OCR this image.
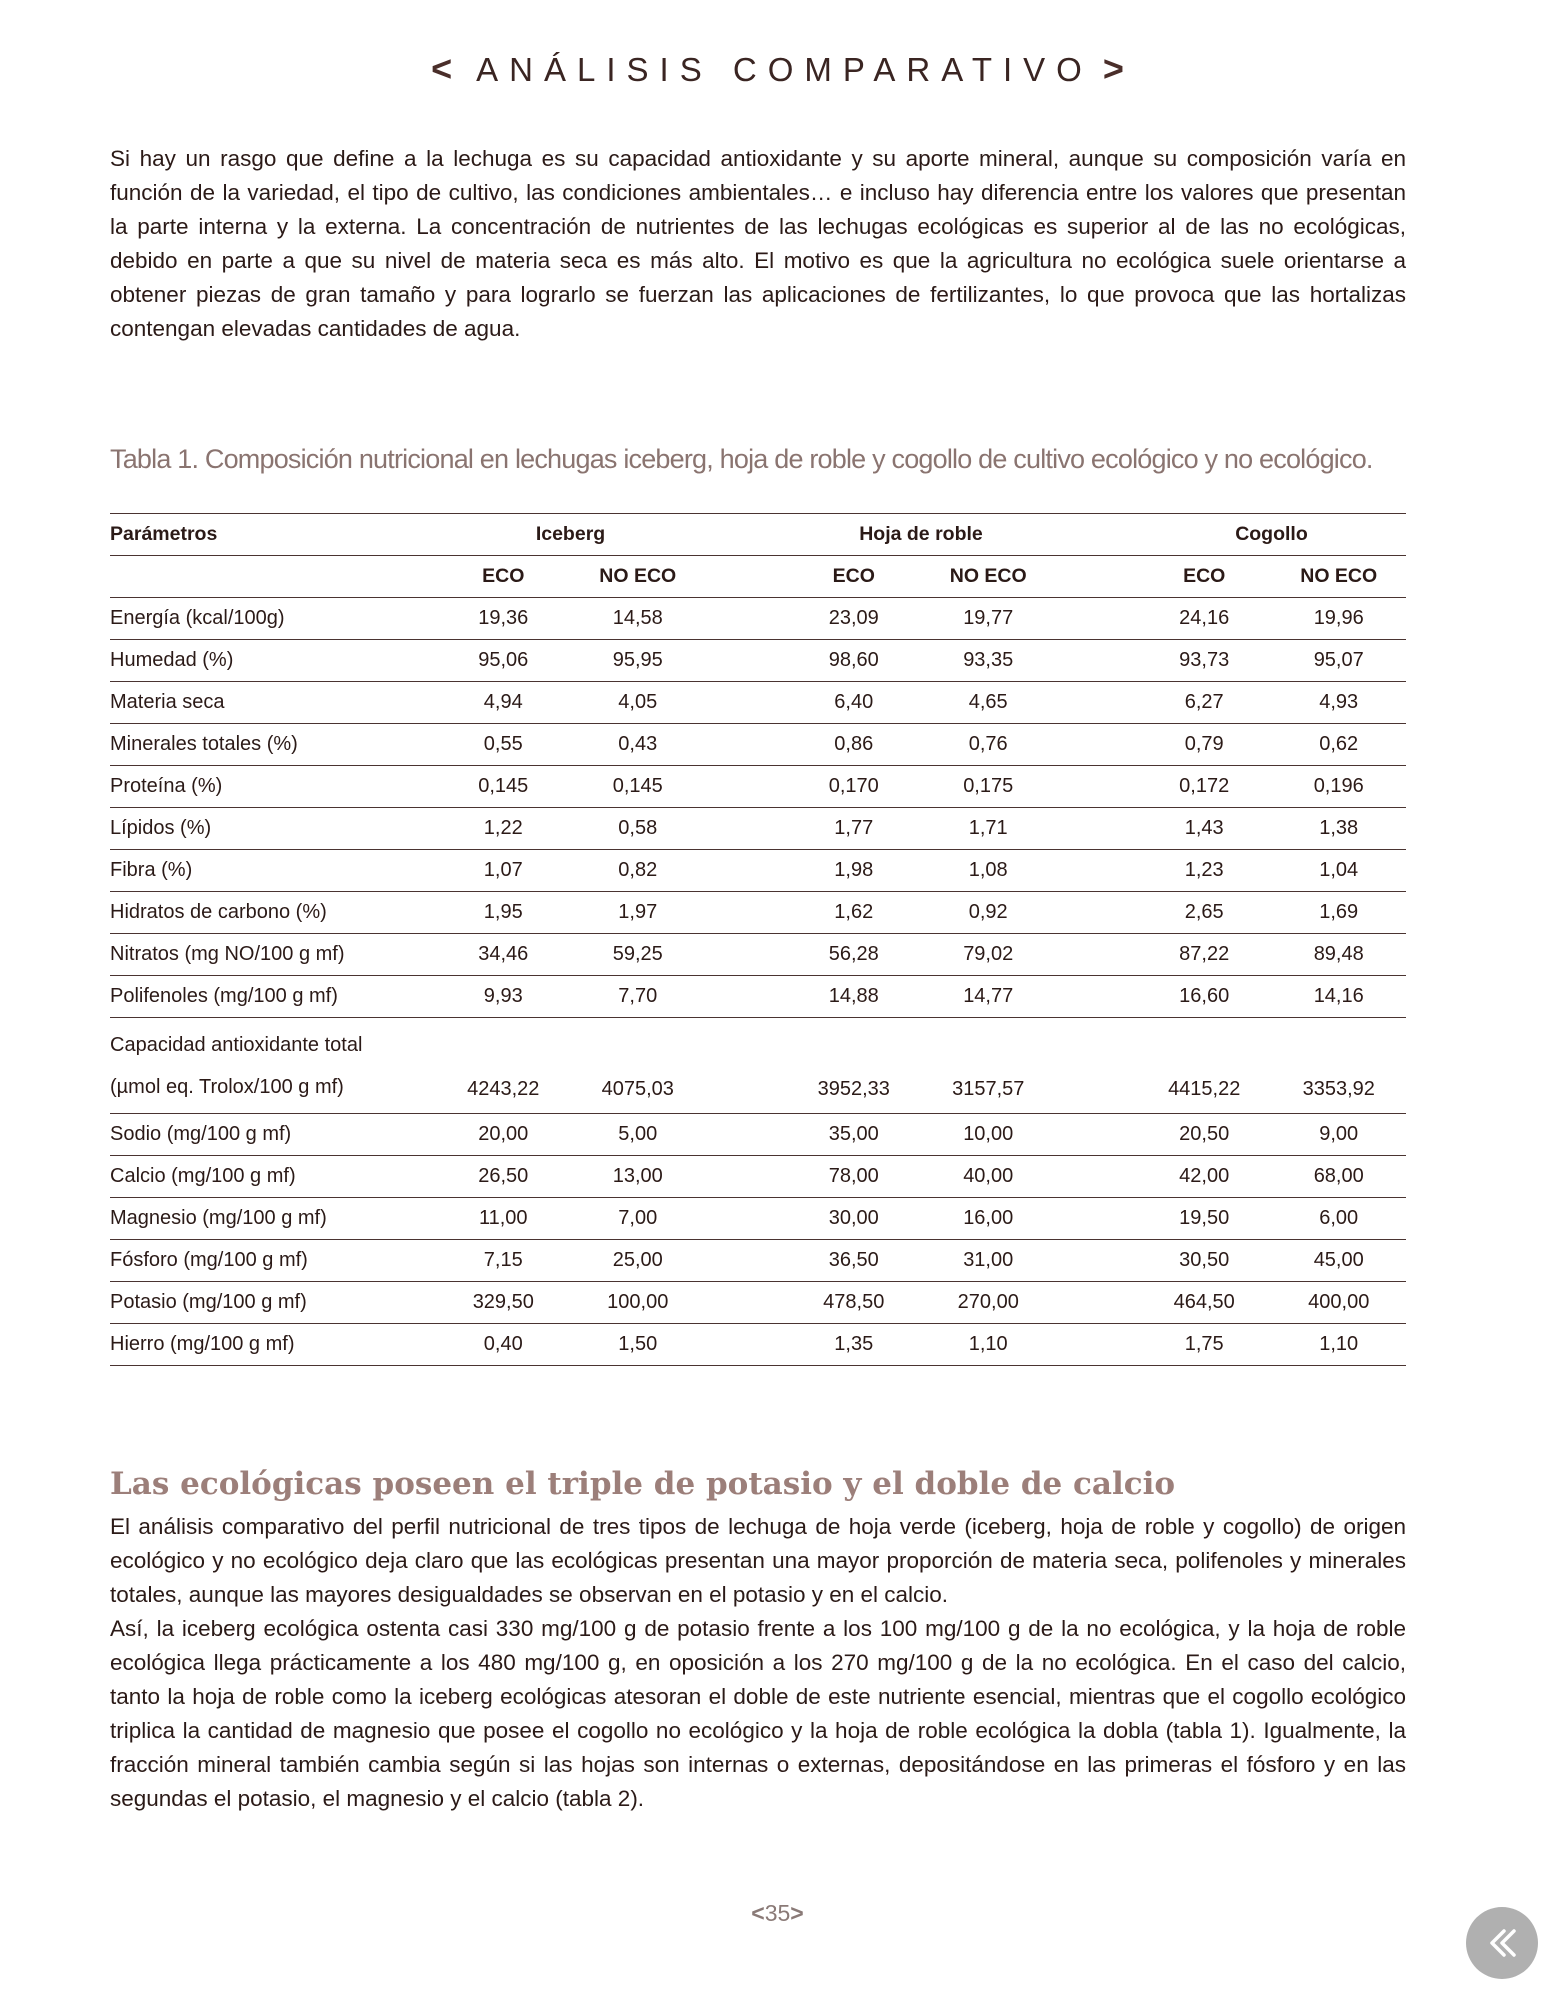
< ANÁLISIS COMPARATIVO >

Si hay un rasgo que define a la lechuga es su capacidad antioxidante y su aporte mineral, aunque su composición varía en función de la variedad, el tipo de cultivo, las condiciones ambientales… e incluso hay diferencia entre los valores que presentan la parte interna y la externa. La concentración de nutrientes de las lechugas ecológicas es superior al de las no ecológicas, debido en parte a que su nivel de materia seca es más alto. El motivo es que la agricultura no ecológica suele orientarse a obtener piezas de gran tamaño y para lograrlo se fuerzan las aplicaciones de fertilizantes, lo que provoca que las hortalizas contengan elevadas cantidades de agua.

Tabla 1. Composición nutricional en lechugas iceberg, hoja de roble y cogollo de cultivo ecológico y no ecológico.
Parámetros	Iceberg			Hoja de roble			Cogollo	
	ECO	NO ECO		ECO	NO ECO		ECO	NO ECO
Energía (kcal/100g)	19,36	14,58		23,09	19,77		24,16	19,96
Humedad (%)	95,06	95,95		98,60	93,35		93,73	95,07
Materia seca	4,94	4,05		6,40	4,65		6,27	4,93
Minerales totales (%)	0,55	0,43		0,86	0,76		0,79	0,62
Proteína (%)	0,145	0,145		0,170	0,175		0,172	0,196
Lípidos (%)	1,22	0,58		1,77	1,71		1,43	1,38
Fibra (%)	1,07	0,82		1,98	1,08		1,23	1,04
Hidratos de carbono (%)	1,95	1,97		1,62	0,92		2,65	1,69
Nitratos (mg NO/100 g mf)	34,46	59,25		56,28	79,02		87,22	89,48
Polifenoles (mg/100 g mf)	9,93	7,70		14,88	14,77		16,60	14,16

Capacidad antioxidante total
(µmol eq. Trolox/100 g mf)	4243,22	4075,03		3952,33	3157,57		4415,22	3353,92
Sodio (mg/100 g mf)	20,00	5,00		35,00	10,00		20,50	9,00
Calcio (mg/100 g mf)	26,50	13,00		78,00	40,00		42,00	68,00
Magnesio (mg/100 g mf)	11,00	7,00		30,00	16,00		19,50	6,00
Fósforo (mg/100 g mf)	7,15	25,00		36,50	31,00		30,50	45,00
Potasio (mg/100 g mf)	329,50	100,00		478,50	270,00		464,50	400,00
Hierro (mg/100 g mf)	0,40	1,50		1,35	1,10		1,75	1,10
Las ecológicas poseen el triple de potasio y el doble de calcio
El análisis comparativo del perfil nutricional de tres tipos de lechuga de hoja verde (iceberg, hoja de roble y cogollo) de origen ecológico y no ecológico deja claro que las ecológicas presentan una mayor proporción de materia seca, polifenoles y minerales totales, aunque las mayores desigualdades se observan en el potasio y en el calcio.
Así, la iceberg ecológica ostenta casi 330 mg/100 g de potasio frente a los 100 mg/100 g de la no ecológica, y la hoja de roble ecológica llega prácticamente a los 480 mg/100 g, en oposición a los 270 mg/100 g de la no ecológica. En el caso del calcio, tanto la hoja de roble como la iceberg ecológicas atesoran el doble de este nutriente esencial, mientras que el cogollo ecológico triplica la cantidad de magnesio que posee el cogollo no ecológico y la hoja de roble ecológica la dobla (tabla 1). Igualmente, la fracción mineral también cambia según si las hojas son internas o externas, depositándose en las primeras el fósforo y en las segundas el potasio, el magnesio y el calcio (tabla 2).
<35>
